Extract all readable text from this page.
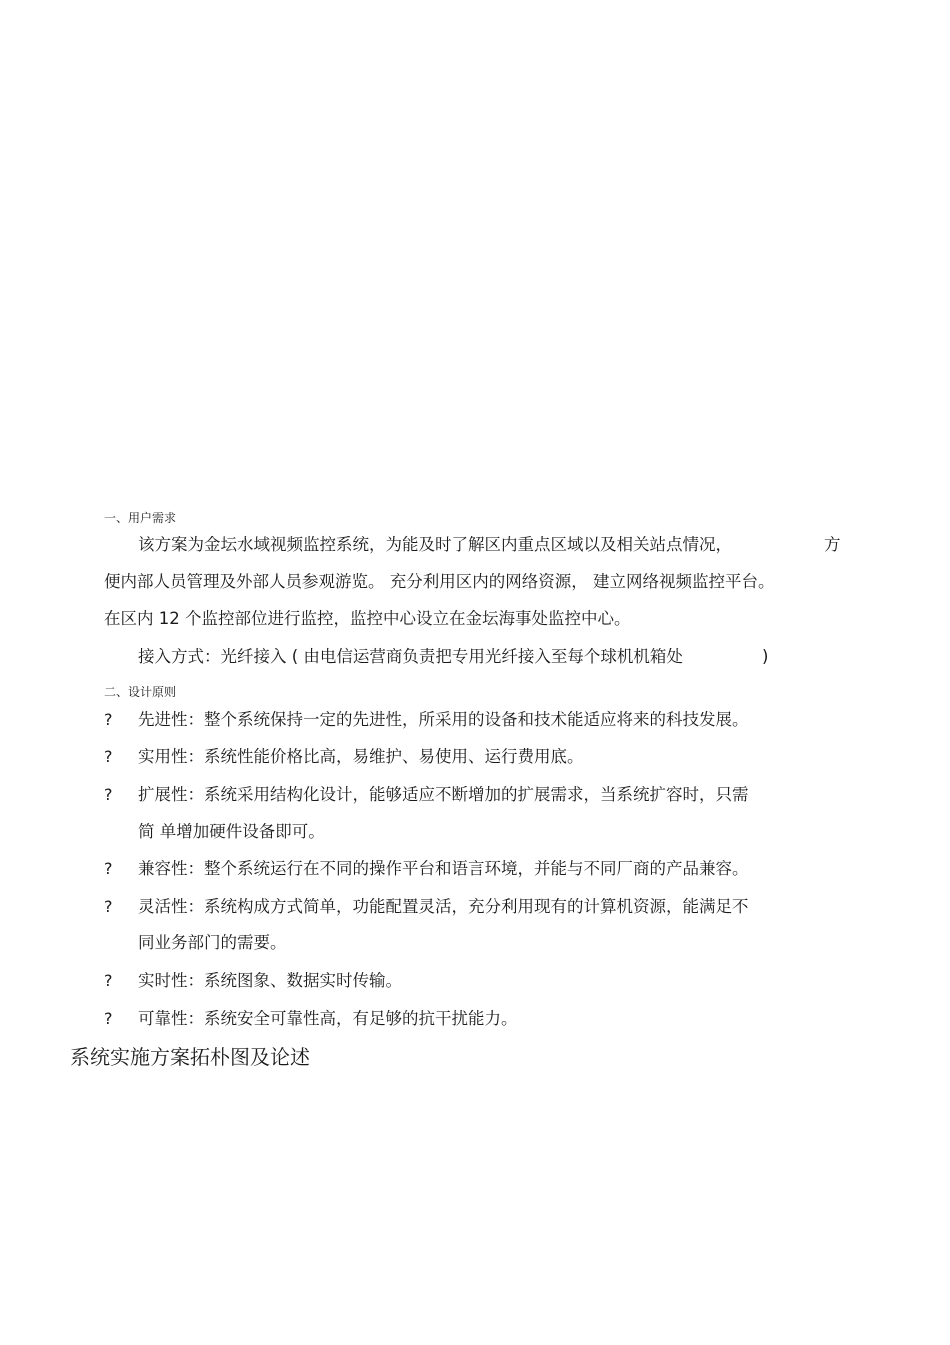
一、用户需求
该方案为金坛水域视频监控系统，为能及时了解区内重点区域以及相关站点情况，	方
便内部人员管理及外部人员参观游览。 充分利用区内的网络资源， 建立网络视频监控平台。
在区内 12 个监控部位进行监控，监控中心设立在金坛海事处监控中心。
接入方式：光纤接入 ( 由电信运营商负责把专用光纤接入至每个球机机箱处	)
二、设计原则
? 先进性：整个系统保持一定的先进性，所采用的设备和技术能适应将来的科技发展。
? 实用性：系统性能价格比高，易维护、易使用、运行费用底。
? 扩展性：系统采用结构化设计，能够适应不断增加的扩展需求，当系统扩容时，只需
简 单增加硬件设备即可。
? 兼容性：整个系统运行在不同的操作平台和语言环境，并能与不同厂商的产品兼容。
? 灵活性：系统构成方式简单，功能配置灵活，充分利用现有的计算机资源，能满足不
同业务部门的需要。
? 实时性：系统图象、数据实时传输。
? 可靠性：系统安全可靠性高，有足够的抗干扰能力。
系统实施方案拓朴图及论述
